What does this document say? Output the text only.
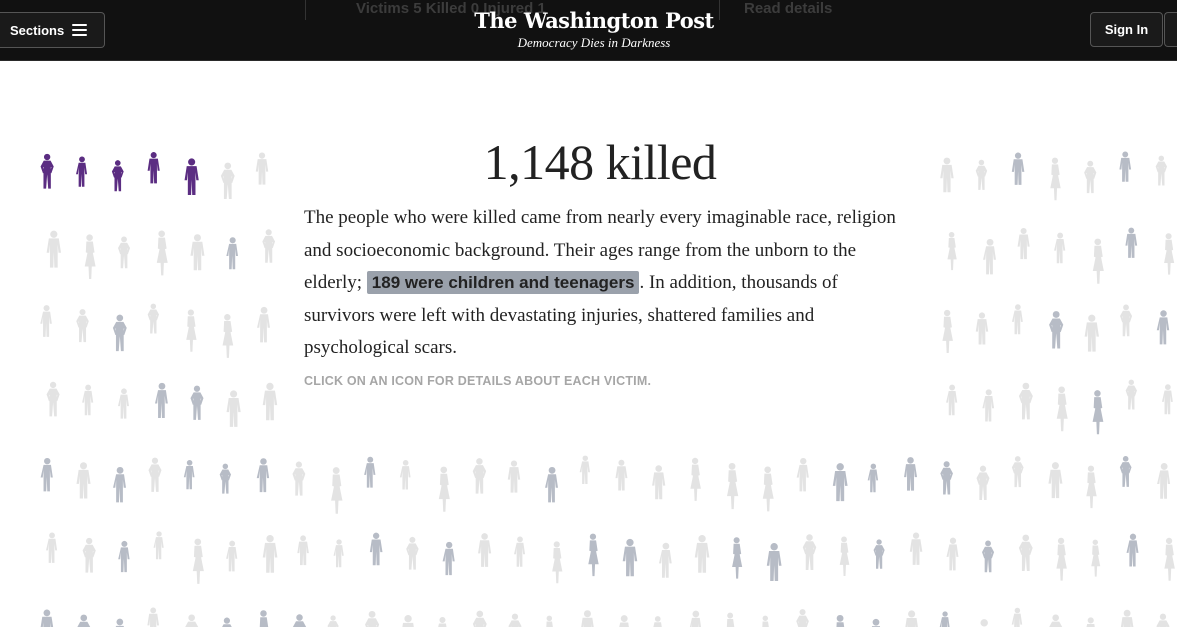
Victims 5 Killed 0 Injured 1	Read details
Sections	The Washington Post
Democracy Dies in Darkness
Sign In
1,148 killed

The people who were killed came from nearly every imaginable race, religion and socioeconomic background. Their ages range from the unborn to the elderly; 189 were children and teenagers . In addition, thousands of survivors were left with devastating injuries, shattered families and psychological scars.

CLICK ON AN ICON FOR DETAILS ABOUT EACH VICTIM.
